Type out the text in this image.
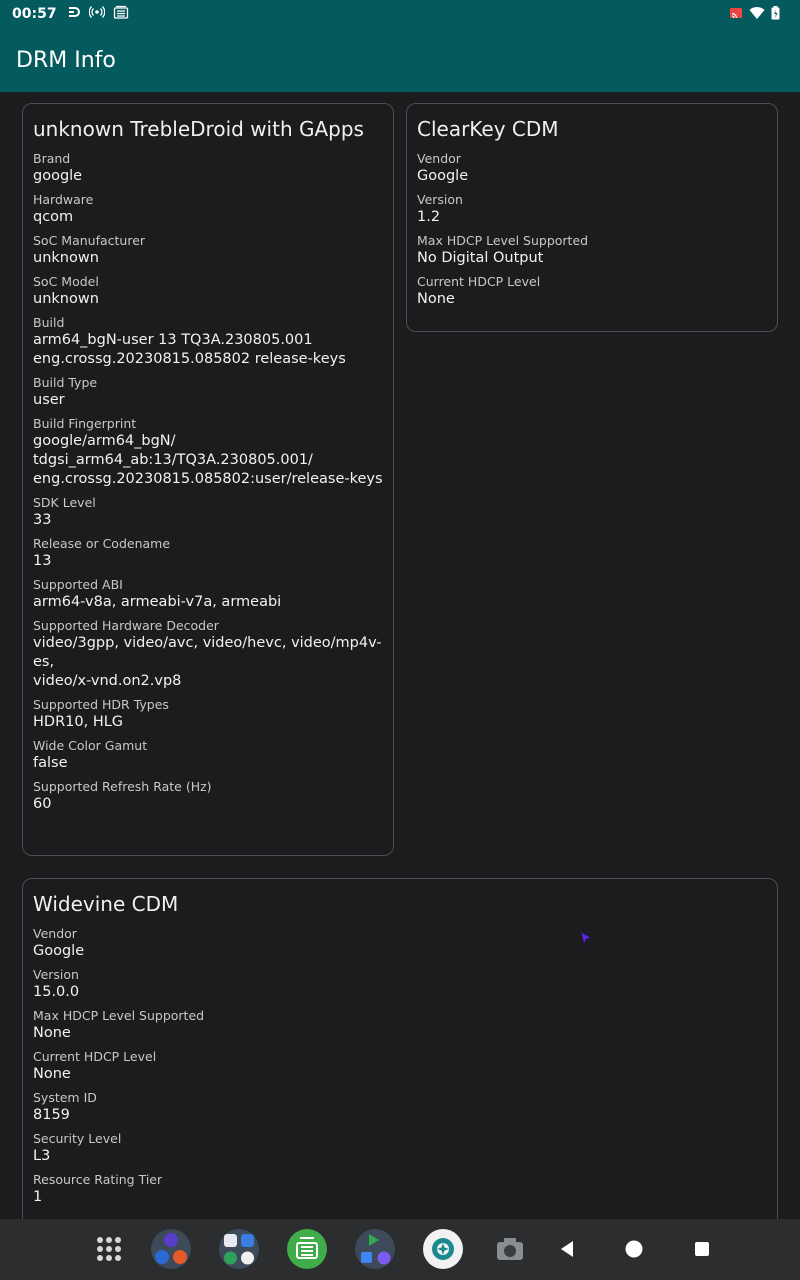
00:57
DRM Info
unknown TrebleDroid with GApps
Brand
google
Hardware
qcom
SoC Manufacturer
unknown
SoC Model
unknown
Build
arm64_bgN-user 13 TQ3A.230805.001
eng.crossg.20230815.085802 release-keys
Build Type
user
Build Fingerprint
google/arm64_bgN/
tdgsi_arm64_ab:13/TQ3A.230805.001/
eng.crossg.20230815.085802:user/release-keys
SDK Level
33
Release or Codename
13
Supported ABI
arm64-v8a, armeabi-v7a, armeabi
Supported Hardware Decoder
video/3gpp, video/avc, video/hevc, video/mp4v-es,
video/x-vnd.on2.vp8
Supported HDR Types
HDR10, HLG
Wide Color Gamut
false
Supported Refresh Rate (Hz)
60
ClearKey CDM
Vendor
Google
Version
1.2
Max HDCP Level Supported
No Digital Output
Current HDCP Level
None
Widevine CDM
Vendor
Google
Version
15.0.0
Max HDCP Level Supported
None
Current HDCP Level
None
System ID
8159
Security Level
L3
Resource Rating Tier
1
